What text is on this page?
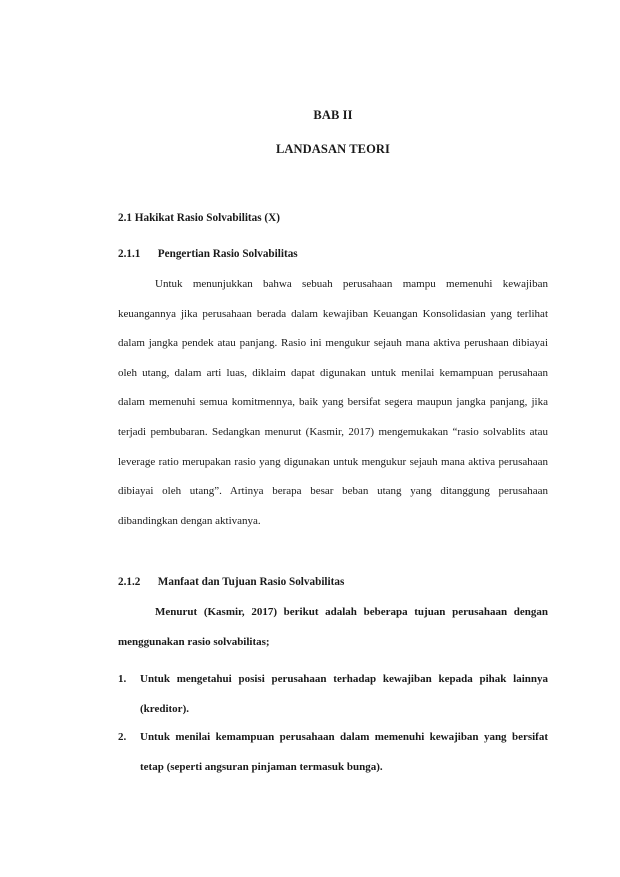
BAB II
LANDASAN TEORI
2.1 Hakikat Rasio Solvabilitas (X)
2.1.1 Pengertian Rasio Solvabilitas

Untuk menunjukkan bahwa sebuah perusahaan mampu memenuhi kewajiban keuangannya jika perusahaan berada dalam kewajiban Keuangan Konsolidasian yang terlihat dalam jangka pendek atau panjang. Rasio ini mengukur sejauh mana aktiva perushaan dibiayai oleh utang, dalam arti luas, diklaim dapat digunakan untuk menilai kemampuan perusahaan dalam memenuhi semua komitmennya, baik yang bersifat segera maupun jangka panjang, jika terjadi pembubaran. Sedangkan menurut (Kasmir, 2017) mengemukakan “rasio solvablits atau leverage ratio merupakan rasio yang digunakan untuk mengukur sejauh mana aktiva perusahaan dibiayai oleh utang”. Artinya berapa besar beban utang yang ditanggung perusahaan dibandingkan dengan aktivanya.

2.1.2 Manfaat dan Tujuan Rasio Solvabilitas

Menurut (Kasmir, 2017) berikut adalah beberapa tujuan perusahaan dengan menggunakan rasio solvabilitas;

1. Untuk mengetahui posisi perusahaan terhadap kewajiban kepada pihak lainnya (kreditor).
2. Untuk menilai kemampuan perusahaan dalam memenuhi kewajiban yang bersifat tetap (seperti angsuran pinjaman termasuk bunga).
